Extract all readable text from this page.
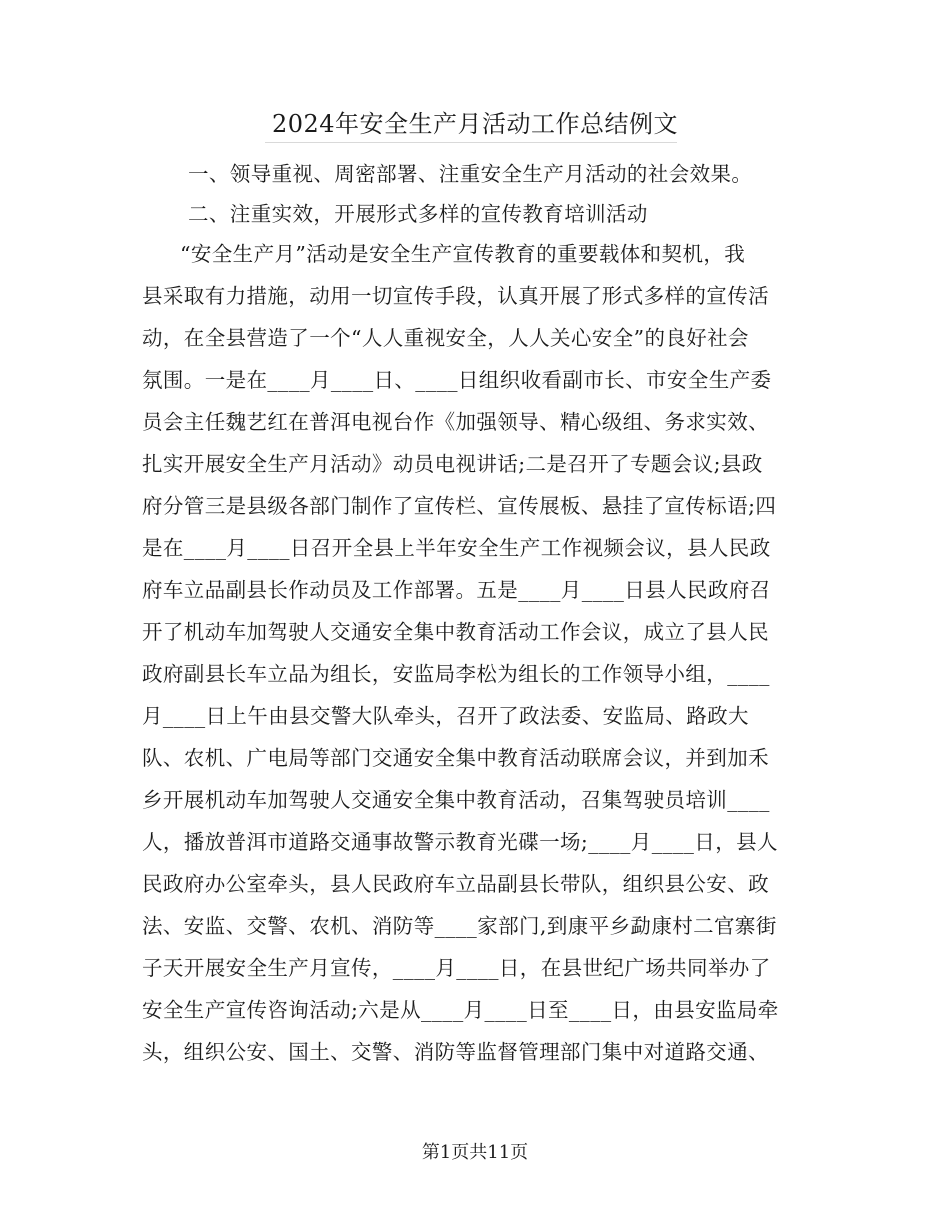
2024年安全生产月活动工作总结例文
一、领导重视、周密部署、注重安全生产月活动的社会效果。
二、注重实效，开展形式多样的宣传教育培训活动
“安全生产月”活动是安全生产宣传教育的重要载体和契机，我
县采取有力措施，动用一切宣传手段，认真开展了形式多样的宣传活
动，在全县营造了一个“人人重视安全，人人关心安全”的良好社会
氛围。一是在____月____日、____日组织收看副市长、市安全生产委
员会主任魏艺红在普洱电视台作《加强领导、精心级组、务求实效、
扎实开展安全生产月活动》动员电视讲话;二是召开了专题会议;县政
府分管三是县级各部门制作了宣传栏、宣传展板、悬挂了宣传标语;四
是在____月____日召开全县上半年安全生产工作视频会议，县人民政
府车立品副县长作动员及工作部署。五是____月____日县人民政府召
开了机动车加驾驶人交通安全集中教育活动工作会议，成立了县人民
政府副县长车立品为组长，安监局李松为组长的工作领导小组，____
月____日上午由县交警大队牵头，召开了政法委、安监局、路政大
队、农机、广电局等部门交通安全集中教育活动联席会议，并到加禾
乡开展机动车加驾驶人交通安全集中教育活动，召集驾驶员培训____
人，播放普洱市道路交通事故警示教育光碟一场;____月____日，县人
民政府办公室牵头，县人民政府车立品副县长带队，组织县公安、政
法、安监、交警、农机、消防等____家部门,到康平乡勐康村二官寨街
子天开展安全生产月宣传，____月____日，在县世纪广场共同举办了
安全生产宣传咨询活动;六是从____月____日至____日，由县安监局牵
头，组织公安、国土、交警、消防等监督管理部门集中对道路交通、
第1页共11页
